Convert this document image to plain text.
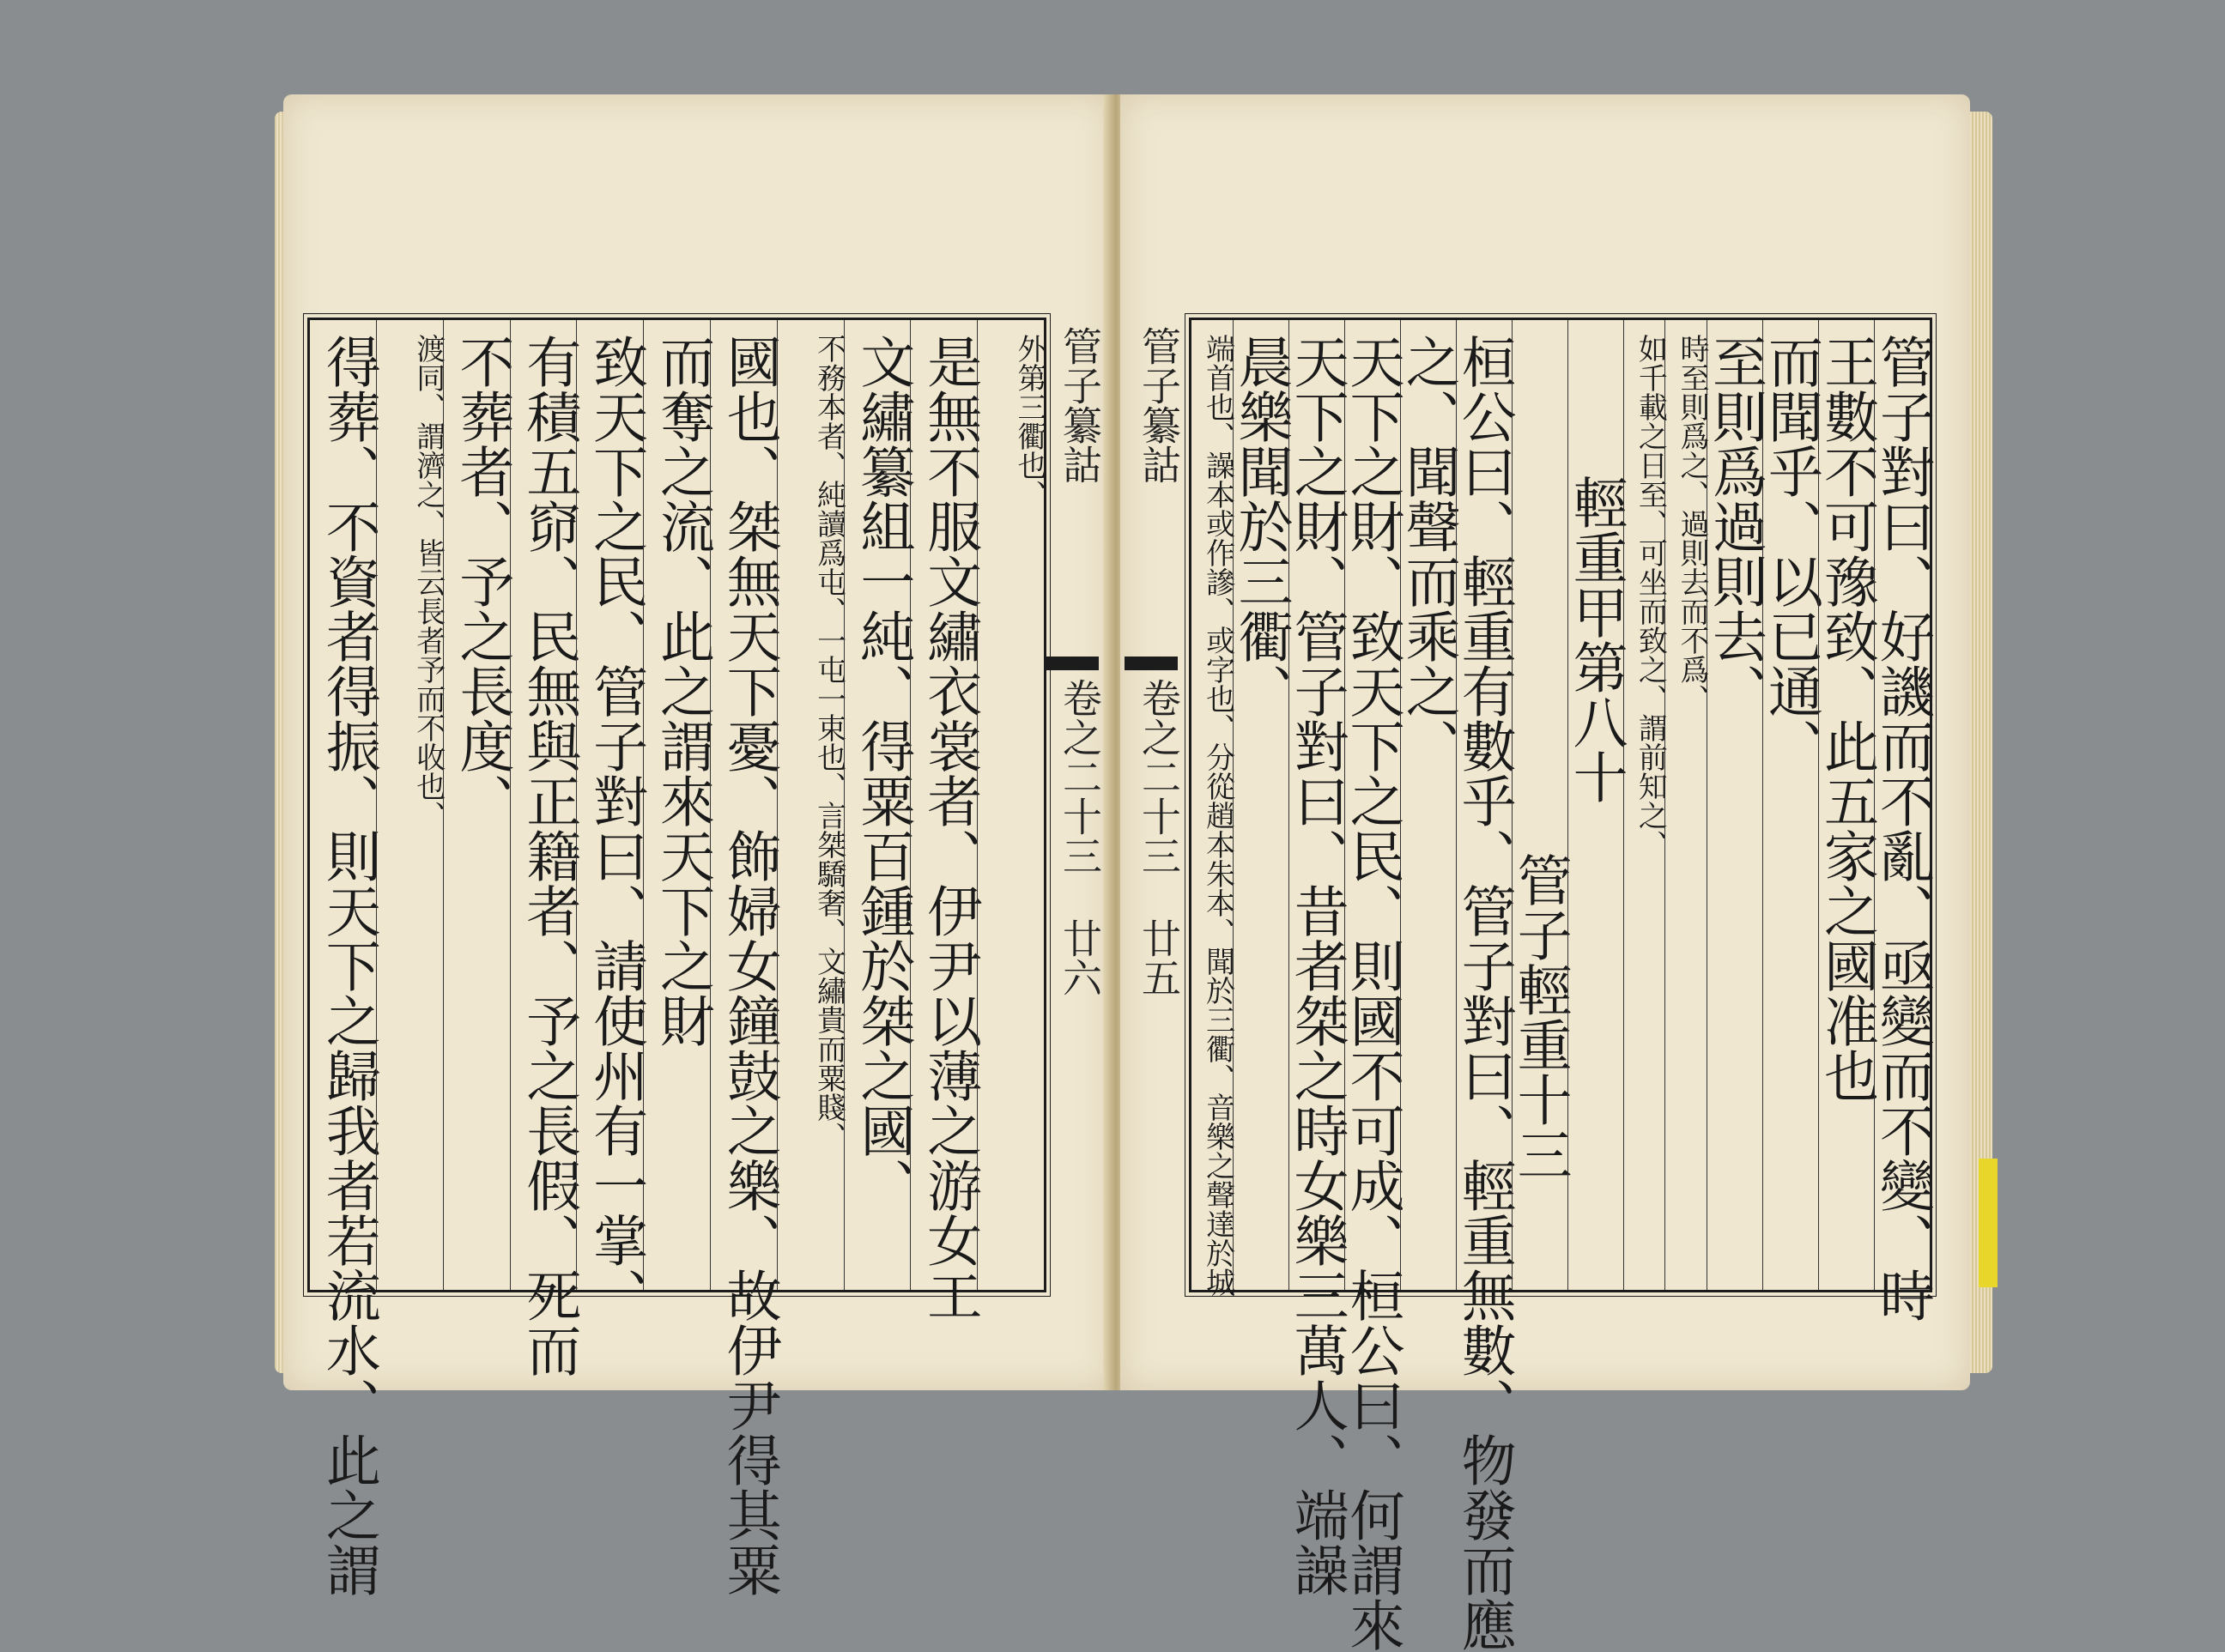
外第三衢也、
是無不服文繡衣裳者、伊尹以薄之游女工
文繡纂組一純、得粟百鍾於桀之國、
不務本者、純讀爲屯、一屯一束也、言桀驕奢、文繡貴而粟賤、
國也、桀無天下憂、飾婦女鐘鼓之樂、故伊尹得其粟
而奪之流、此之謂來天下之財
致天下之民、管子對曰、請使州有一掌、
有積五窌、民無與正籍者、予之長假、死而
不葬者、予之長度、
渡同、謂濟之、皆云長者予而不收也、
得葬、不資者得振、則天下之歸我者若流水、此之謂	管子纂詁
卷之二十三
廿六
管子纂詁
卷之二十三
廿五	管子對曰、好譏而不亂、亟變而不變、時
王數不可豫致、此五家之國准也
而聞乎、以已通、
至則爲過則去、
時至則爲之、過則去而不爲、
如千載之日至、可坐而致之、謂前知之、
輕重甲第八十
管子輕重十三
桓公曰、輕重有數乎、管子對曰、輕重無數、物發而應
之、聞聲而乘之、
天下之財、致天下之民、則國不可成、桓公曰、何謂來
天下之財、管子對曰、昔者桀之時女樂三萬人、端譟
晨樂聞於三衢、
端首也、譟本或作謲、或字也、分從趙本朱本、聞於三衢、音樂之聲達於城
